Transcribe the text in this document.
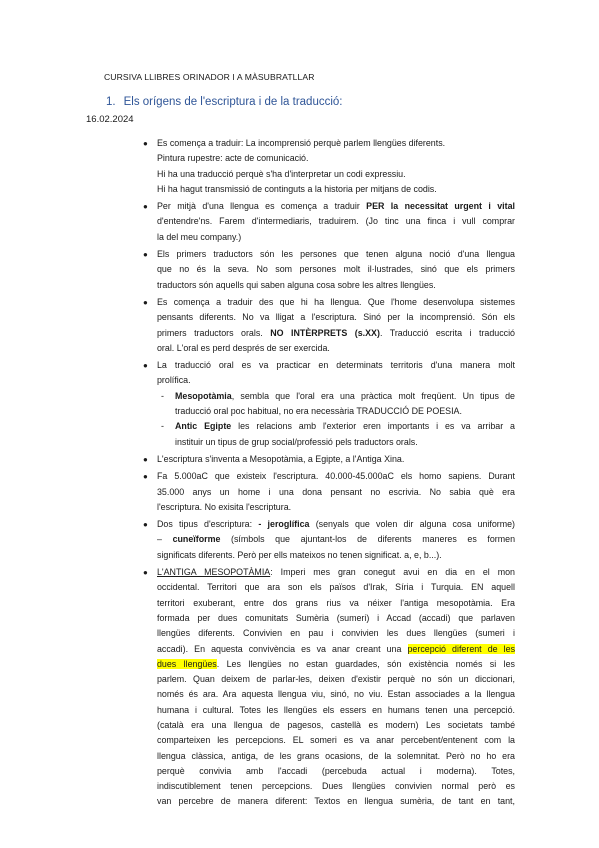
CURSIVA LLIBRES ORINADOR I A MÀSUBRATLLAR
1. Els orígens de l'escriptura i de la traducció:
16.02.2024
●	Es comença a traduir: La incomprensió perquè parlem llengües diferents.
Pintura rupestre: acte de comunicació.
Hi ha una traducció perquè s'ha d'interpretar un codi expressiu.
Hi ha hagut transmissió de continguts a la historia per mitjans de codis.
●	Per mitjà d'una llengua es comença a traduir PER la necessitat urgent i vital
d'entendre'ns. Farem d'intermediaris, traduirem. (Jo tinc una finca i vull comprar
la del meu company.)
●	Els primers traductors són les persones que tenen alguna noció d'una llengua
que no és la seva. No som persones molt il·lustrades, sinó que els primers
traductors són aquells qui saben alguna cosa sobre les altres llengües.
●	Es comença a traduir des que hi ha llengua. Que l'home desenvolupa sistemes
pensants diferents. No va lligat a l'escriptura. Sinó per la incomprensió. Són els
primers traductors orals. NO INTÈRPRETS (s.XX). Traducció escrita i traducció
oral. L'oral es perd després de ser exercida.
●	La traducció oral es va practicar en determinats territoris d'una manera molt
prolífica.
- Mesopotàmia, sembla que l'oral era una pràctica molt freqüent. Un tipus de
traducció oral poc habitual, no era necessària TRADUCCIÓ DE POESIA.
- Antic Egipte les relacions amb l'exterior eren importants i es va arribar a
instituir un tipus de grup social/professió pels traductors orals.
●	L'escriptura s'inventa a Mesopotàmia, a Egipte, a l'Antiga Xina.
●	Fa 5.000aC que existeix l'escriptura. 40.000-45.000aC els homo sapiens. Durant
35.000 anys un home i una dona pensant no escrivia. No sabia què era
l'escriptura. No exisita l'escriptura.
●	Dos tipus d'escriptura: - jeroglífica (senyals que volen dir alguna cosa uniforme)
– cuneïforme (símbols que ajuntant-los de diferents maneres es formen
significats diferents. Però per ells mateixos no tenen significat. a, e, b...).
●	L'ANTIGA MESOPOTÀMIA: Imperi mes gran conegut avui en dia en el mon
occidental. Territori que ara son els països d'Irak, Síria i Turquia. EN aquell
territori exuberant, entre dos grans rius va néixer l'antiga mesopotàmia. Era
formada per dues comunitats Sumèria (sumeri) i Accad (accadi) que parlaven
llengües diferents. Convivien en pau i convivien les dues llengües (sumeri i
accadi). En aquesta convivència es va anar creant una percepció diferent de les
dues llengües. Les llengües no estan guardades, són existència només si les
parlem. Quan deixem de parlar-les, deixen d'existir perquè no són un diccionari,
només és ara. Ara aquesta llengua viu, sinó, no viu. Estan associades a la llengua
humana i cultural. Totes les llengües els essers en humans tenen una percepció.
(català era una llengua de pagesos, castellà es modern) Les societats també
comparteixen les percepcions. EL someri es va anar percebent/entenent com la
llengua clàssica, antiga, de les grans ocasions, de la solemnitat. Però no ho era
perquè convivia amb l'accadi (percebuda actual i moderna). Totes,
indiscutiblement tenen percepcions. Dues llengües convivien normal però es
van percebre de manera diferent: Textos en llengua sumèria, de tant en tant,
